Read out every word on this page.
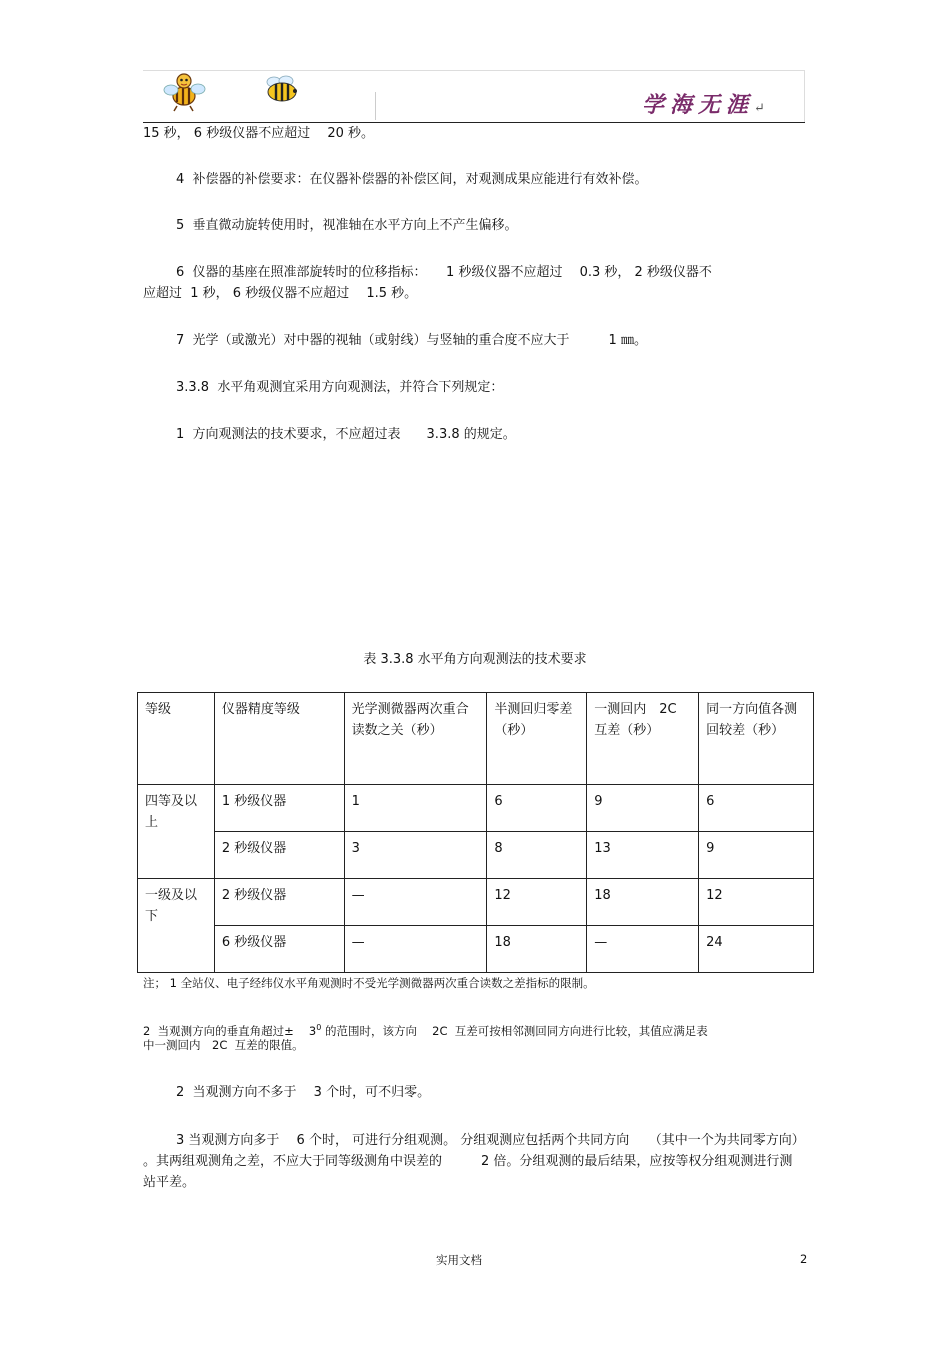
学海无涯↵
15 秒， 6 秒级仪器不应超过　 20 秒。
4  补偿器的补偿要求：在仪器补偿器的补偿区间，对观测成果应能进行有效补偿。
5  垂直微动旋转使用时，视准轴在水平方向上不产生偏移。
6  仪器的基座在照准部旋转时的位移指标：　　1 秒级仪器不应超过　 0.3 秒， 2 秒级仪器不
应超过  1 秒， 6 秒级仪器不应超过　 1.5 秒。
7  光学（或激光）对中器的视轴（或射线）与竖轴的重合度不应大于　　　1 ㎜。
3.3.8  水平角观测宜采用方向观测法，并符合下列规定：
1  方向观测法的技术要求，不应超过表　　3.3.8 的规定。
表 3.3.8 水平角方向观测法的技术要求
等级	仪器精度等级	光学测微器两次重合读数之关（秒）	半测回归零差（秒）	一测回内　2C 互差（秒）	同一方向值各测回较差（秒）
四等及以上	1 秒级仪器	1	6	9	6
	2 秒级仪器	3	8	13	9
一级及以下	2 秒级仪器	—	12	18	12
	6 秒级仪器	—	18	—	24
注； 1 全站仪、电子经纬仪水平角观测时不受光学测微器两次重合读数之差指标的限制。
2  当观测方向的垂直角超过±　 $3^0$ 的范围时，该方向　 2C  互差可按相邻测回同方向进行比较，其值应满足表
中一测回内　2C  互差的限值。
2  当观测方向不多于　 3 个时，可不归零。
3 当观测方向多于　 6 个时， 可进行分组观测。 分组观测应包括两个共同方向　　（其中一个为共同零方向） 。其两组观测角之差，不应大于同等级测角中误差的　　　2 倍。分组观测的最后结果，应按等权分组观测进行测站平差。
实用文档	2
